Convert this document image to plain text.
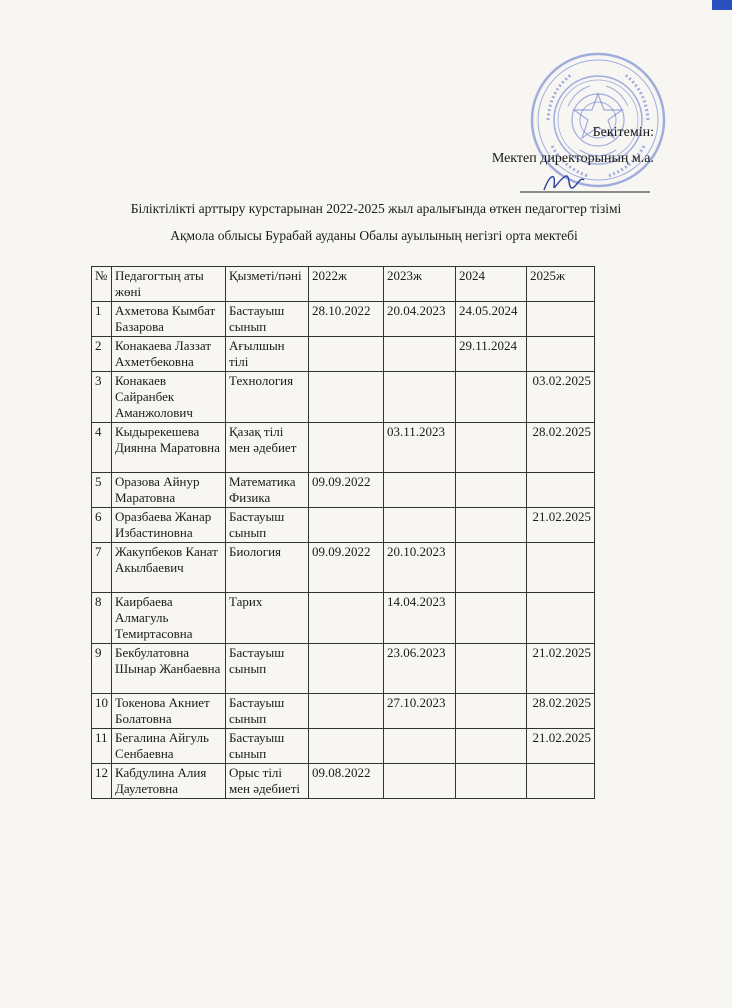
Бекітемін:
Мектеп директорының м.а.
Біліктілікті арттыру курстарынан 2022-2025 жыл аралығында өткен педагогтер тізімі
Ақмола облысы Бурабай ауданы Обалы ауылының негізгі орта мектебі
№	Педагогтың аты жөні	Қызметі/пәні	2022ж	2023ж	2024	2025ж
1	Ахметова Кымбат Базарова	Бастауыш сынып	28.10.2022	20.04.2023	24.05.2024	
2	Конакаева Лаззат Ахметбековна	Ағылшын тілі			29.11.2024	
3	Конакаев Сайранбек Аманжолович	Технология				03.02.2025
4	Кыдырекешева Диянна Маратовна	Қазақ тілі мен әдебиет		03.11.2023		28.02.2025
5	Оразова Айнур Маратовна	Математика Физика	09.09.2022			
6	Оразбаева Жанар Избастиновна	Бастауыш сынып				21.02.2025
7	Жакупбеков Канат Акылбаевич	Биология	09.09.2022	20.10.2023		
8	Каирбаева Алмагуль Темиртасовна	Тарих		14.04.2023		
9	Бекбулатовна Шынар Жанбаевна	Бастауыш сынып		23.06.2023		21.02.2025
10	Токенова Акниет Болатовна	Бастауыш сынып		27.10.2023		28.02.2025
11	Бегалина Айгуль Сенбаевна	Бастауыш сынып				21.02.2025
12	Кабдулина Алия Даулетовна	Орыс тілі мен әдебиеті	09.08.2022			
